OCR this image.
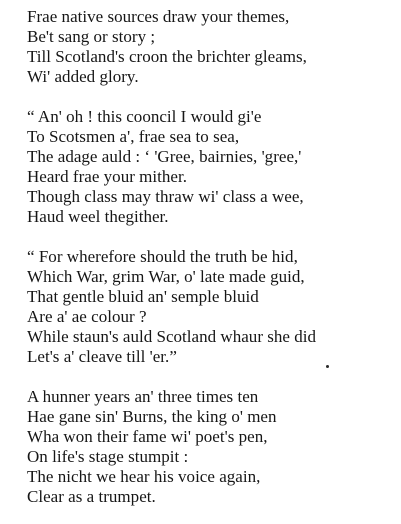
Frae native sources draw your themes,
Be't sang or story ;
Till Scotland's croon the brichter gleams,
Wi' added glory.
“ An' oh ! this cooncil I would gi'e
To Scotsmen a', frae sea to sea,
The adage auld : ‘ 'Gree, bairnies, 'gree,'
Heard frae your mither.
Though class may thraw wi' class a wee,
Haud weel thegither.
“ For wherefore should the truth be hid,
Which War, grim War, o' late made guid,
That gentle bluid an' semple bluid
Are a' ae colour ?
While staun's auld Scotland whaur she did
Let's a' cleave till 'er.”
A hunner years an' three times ten
Hae gane sin' Burns, the king o' men
Wha won their fame wi' poet's pen,
On life's stage stumpit :
The nicht we hear his voice again,
Clear as a trumpet.
